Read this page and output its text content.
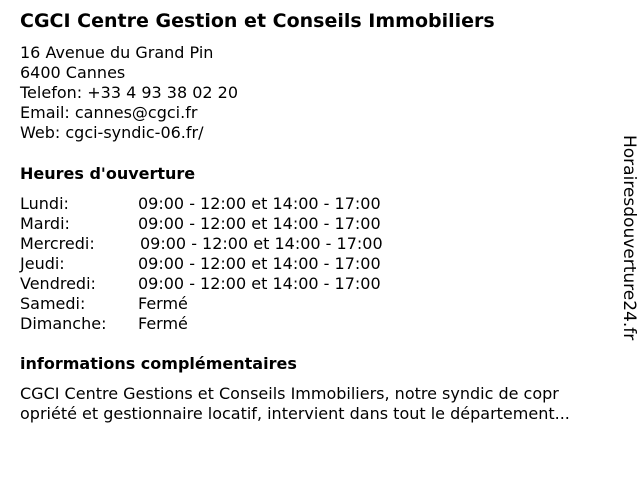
CGCI Centre Gestion et Conseils Immobiliers
16 Avenue du Grand Pin
6400 Cannes
Telefon: +33 4 93 38 02 20
Email: cannes@cgci.fr
Web: cgci-syndic-06.fr/
Heures d'ouverture
Lundi:	09:00 - 12:00 et 14:00 - 17:00
Mardi:	09:00 - 12:00 et 14:00 - 17:00
Mercredi:	09:00 - 12:00 et 14:00 - 17:00
Jeudi:	09:00 - 12:00 et 14:00 - 17:00
Vendredi:	09:00 - 12:00 et 14:00 - 17:00
Samedi:	Fermé
Dimanche:	Fermé
informations complémentaires
CGCI Centre Gestions et Conseils Immobiliers, notre syndic de copr
opriété et gestionnaire locatif, intervient dans tout le département...
Horairesdouverture24.fr
